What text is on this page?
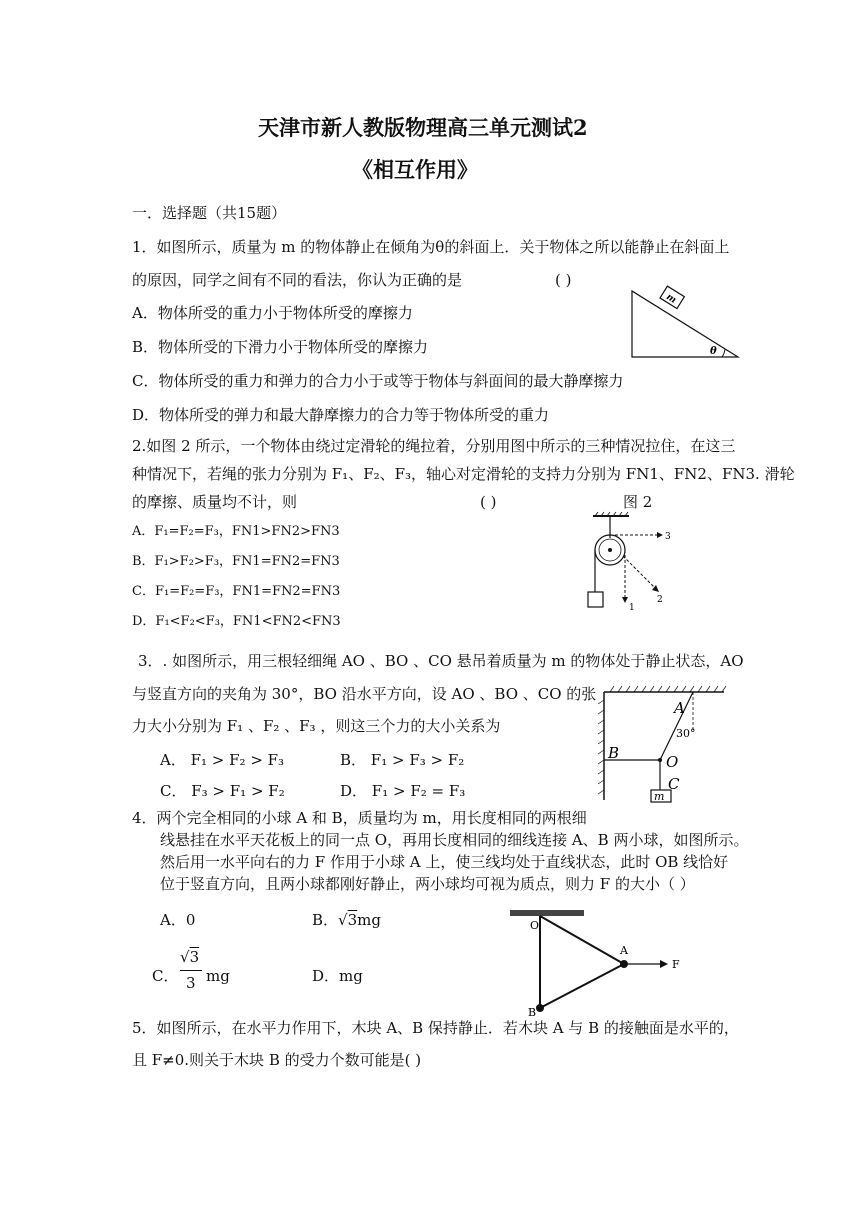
天津市新人教版物理高三单元测试2
《相互作用》
一．选择题（共15题）
1．如图所示，质量为 m 的物体静止在倾角为θ的斜面上．关于物体之所以能静止在斜面上
的原因，同学之间有不同的看法，你认为正确的是	( )
A．物体所受的重力小于物体所受的摩擦力
B．物体所受的下滑力小于物体所受的摩擦力
C．物体所受的重力和弹力的合力小于或等于物体与斜面间的最大静摩擦力
D．物体所受的弹力和最大静摩擦力的合力等于物体所受的重力
m
θ
2.如图 2 所示，一个物体由绕过定滑轮的绳拉着，分别用图中所示的三种情况拉住，在这三
种情况下，若绳的张力分别为 F₁、F₂、F₃，轴心对定滑轮的支持力分别为 FN1、FN2、FN3. 滑轮
的摩擦、质量均不计，则	( )	图 2
A．F₁=F₂=F₃，FN1>FN2>FN3
B．F₁>F₂>F₃，FN1=FN2=FN3
C．F₁=F₂=F₃，FN1=FN2=FN3
D．F₁<F₂<F₃，FN1<FN2<FN3
1
2
3
3．. 如图所示，用三根轻细绳 AO 、BO 、CO 悬吊着质量为 m 的物体处于静止状态，AO
与竖直方向的夹角为 30°，BO 沿水平方向，设 AO 、BO 、CO 的张
力大小分别为 F₁ 、F₂ 、F₃ ，则这三个力的大小关系为
A． F₁ > F₂ > F₃	B． F₁ > F₃ > F₂
C． F₃ > F₁ > F₂	D． F₁ > F₂ = F₃
A
B	O
C
m
30°
4．两个完全相同的小球 A 和 B，质量均为 m，用长度相同的两根细
线悬挂在水平天花板上的同一点 O，再用长度相同的细线连接 A、B 两小球，如图所示。
然后用一水平向右的力 F 作用于小球 A 上，使三线均处于直线状态，此时 OB 线恰好
位于竖直方向，且两小球都刚好静止，两小球均可视为质点，则力 F 的大小（ ）
A．0	B．√3mg
C．
√3
3 mg	D．mg
O
A
B
F
5．如图所示，在水平力作用下，木块 A、B 保持静止．若木块 A 与 B 的接触面是水平的，
且 F≠0.则关于木块 B 的受力个数可能是( )
